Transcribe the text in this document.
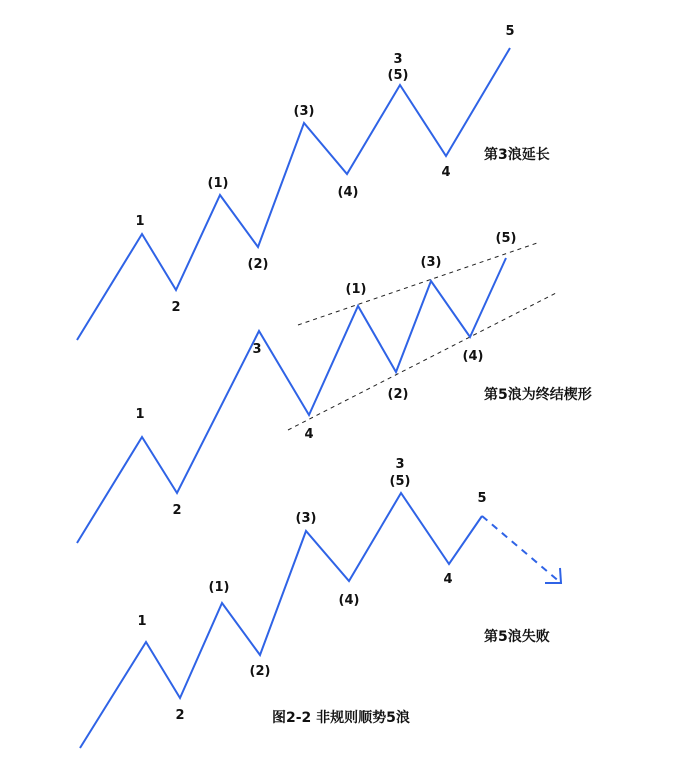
1
2
(1)
(2)
(3)
(4)
3
(5)
4
5
第3浪延长
1
2
3
4
(1)
(2)
(3)
(4)
(5)
第5浪为终结楔形
1
2
(1)
(2)
(3)
(4)
3
(5)
4
5
第5浪失败
图2-2 非规则顺势5浪
